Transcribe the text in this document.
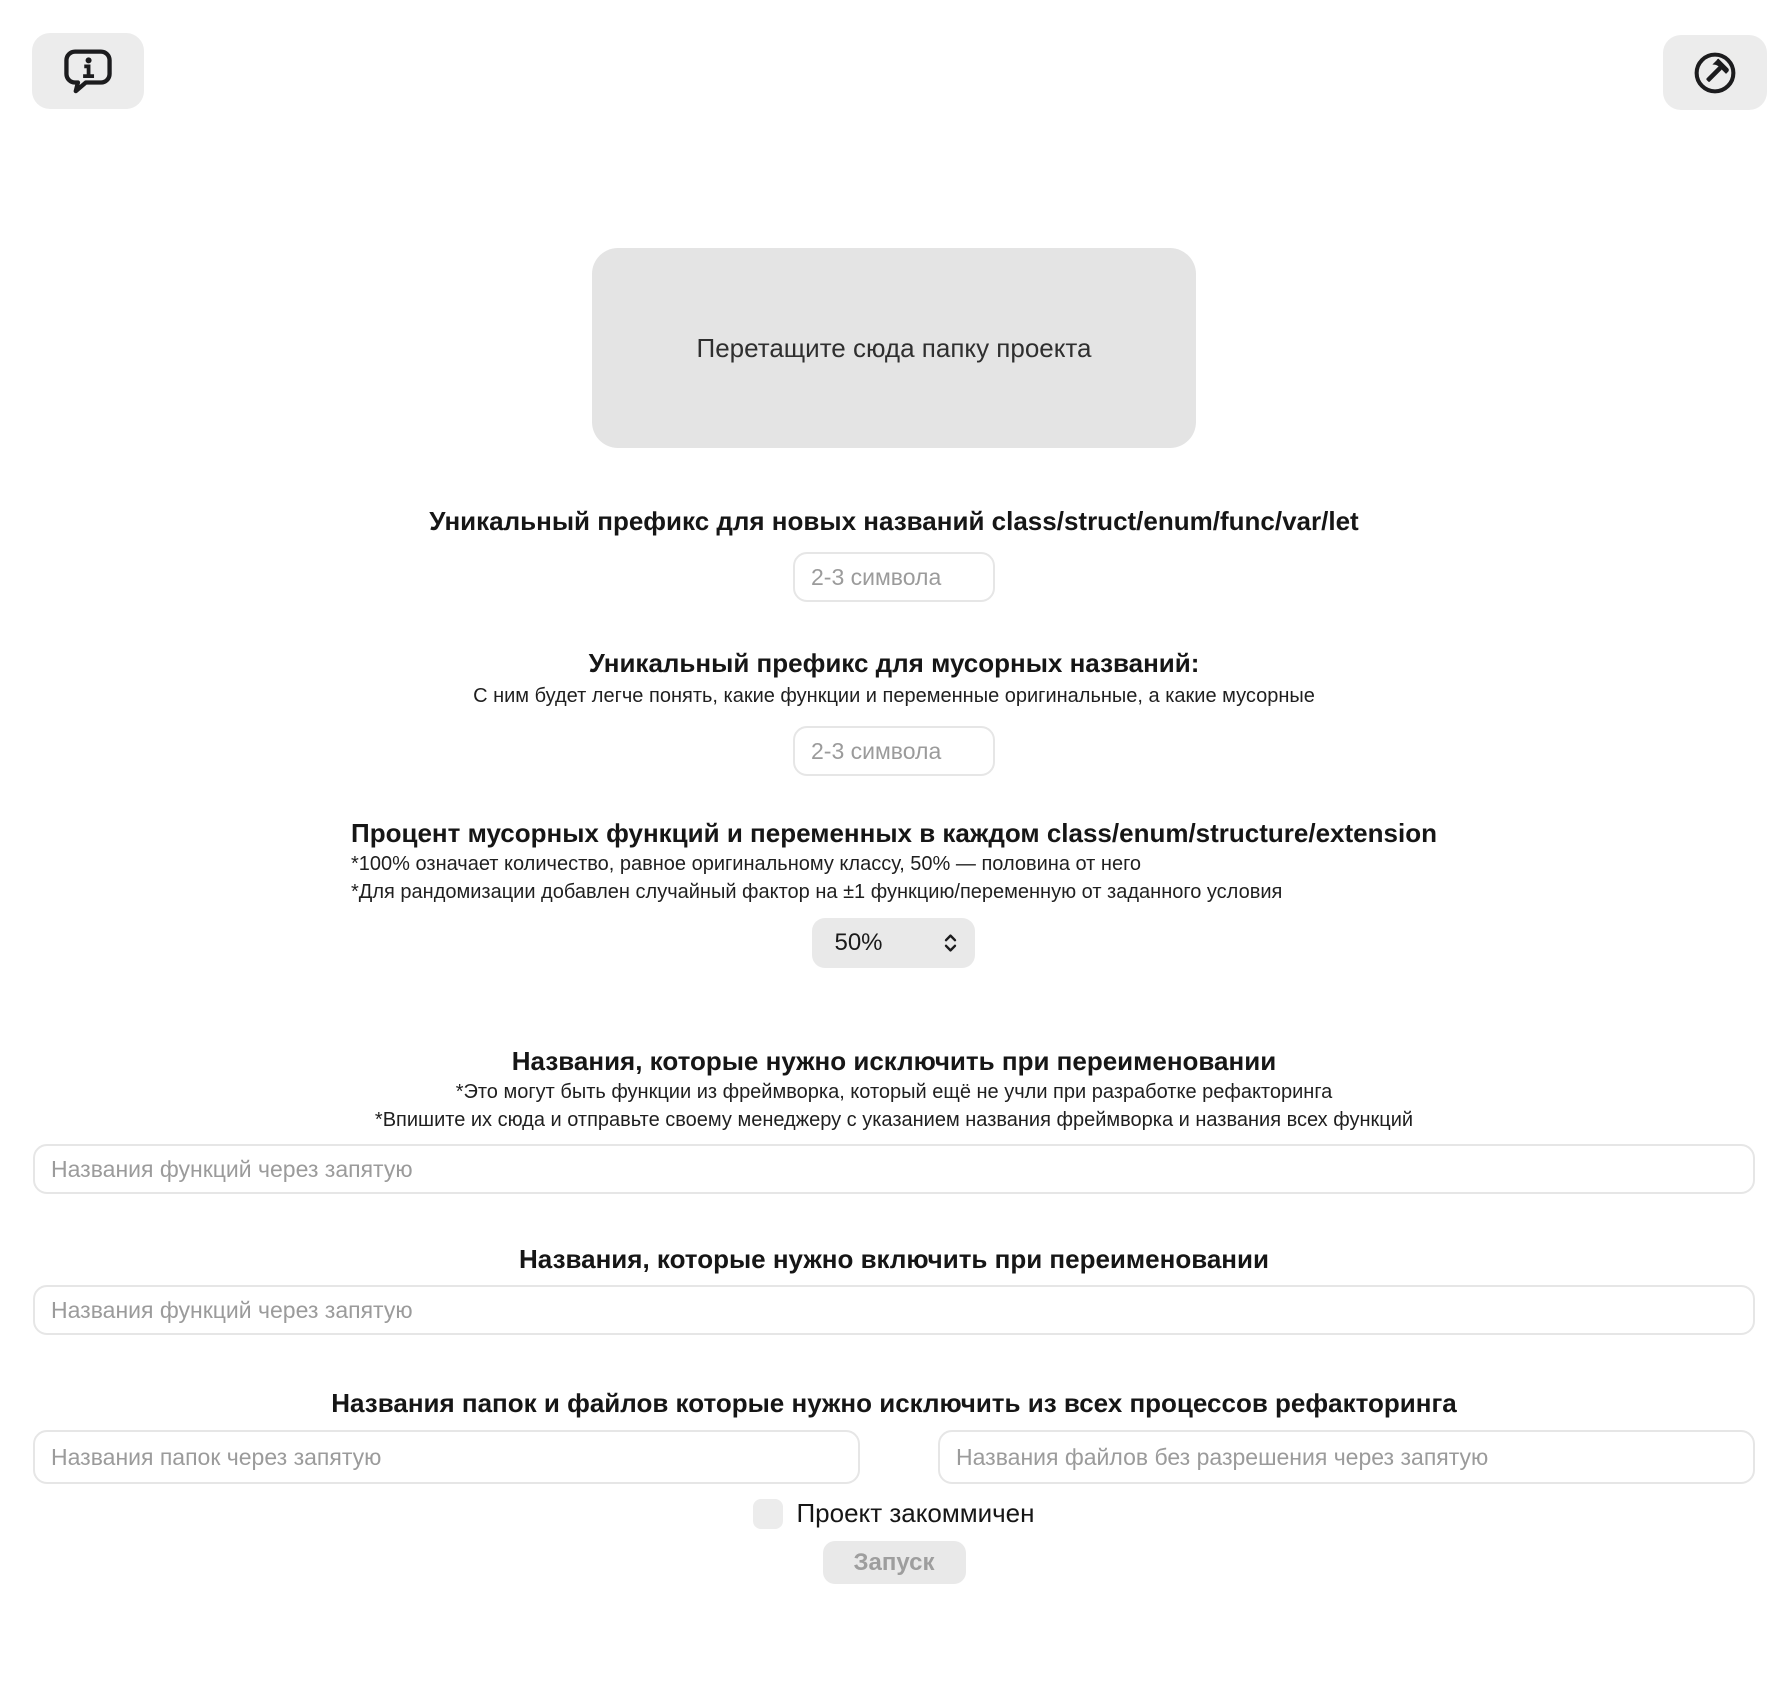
Перетащите сюда папку проекта
Уникальный префикс для новых названий class/struct/enum/func/var/let
2-3 символа
Уникальный префикс для мусорных названий:

С ним будет легче понять, какие функции и переменные оригинальные, а какие мусорные

2-3 символа
Процент мусорных функций и переменных в каждом class/enum/structure/extension

*100% означает количество, равное оригинальному классу, 50% — половина от него

*Для рандомизации добавлен случайный фактор на ±1 функцию/переменную от заданного условия

50%
Названия, которые нужно исключить при переименовании

*Это могут быть функции из фреймворка, который ещё не учли при разработке рефакторинга

*Впишите их сюда и отправьте своему менеджеру с указанием названия фреймворка и названия всех функций

Названия функций через запятую
Названия, которые нужно включить при переименовании
Названия функций через запятую
Названия папок и файлов которые нужно исключить из всех процессов рефакторинга
Названия папок через запятую
Названия файлов без разрешения через запятую
Проект закоммичен
Запуск
